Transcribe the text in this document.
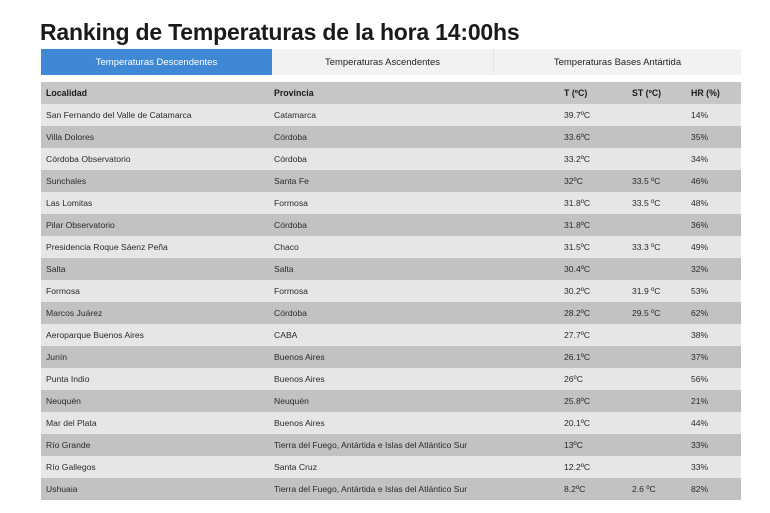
Ranking de Temperaturas de la hora 14:00hs
Temperaturas Descendentes	Temperaturas Ascendentes	Temperaturas Bases Antártida
Localidad	Provincia	T (ºC)	ST (ºC)	HR (%)
San Fernando del Valle de Catamarca	Catamarca	39.7ºC		14%
Villa Dolores	Córdoba	33.6ºC		35%
Córdoba Observatorio	Córdoba	33.2ºC		34%
Sunchales	Santa Fe	32ºC	33.5 ºC	46%
Las Lomitas	Formosa	31.8ºC	33.5 ºC	48%
Pilar Observatorio	Córdoba	31.8ºC		36%
Presidencia Roque Sáenz Peña	Chaco	31.5ºC	33.3 ºC	49%
Salta	Salta	30.4ºC		32%
Formosa	Formosa	30.2ºC	31.9 ºC	53%
Marcos Juárez	Córdoba	28.2ºC	29.5 ºC	62%
Aeroparque Buenos Aires	CABA	27.7ºC		38%
Junín	Buenos Aires	26.1ºC		37%
Punta Indio	Buenos Aires	26ºC		56%
Neuquén	Neuquén	25.8ºC		21%
Mar del Plata	Buenos Aires	20.1ºC		44%
Río Grande	Tierra del Fuego, Antártida e Islas del Atlántico Sur	13ºC		33%
Río Gallegos	Santa Cruz	12.2ºC		33%
Ushuaia	Tierra del Fuego, Antártida e Islas del Atlántico Sur	8.2ºC	2.6 ºC	82%
